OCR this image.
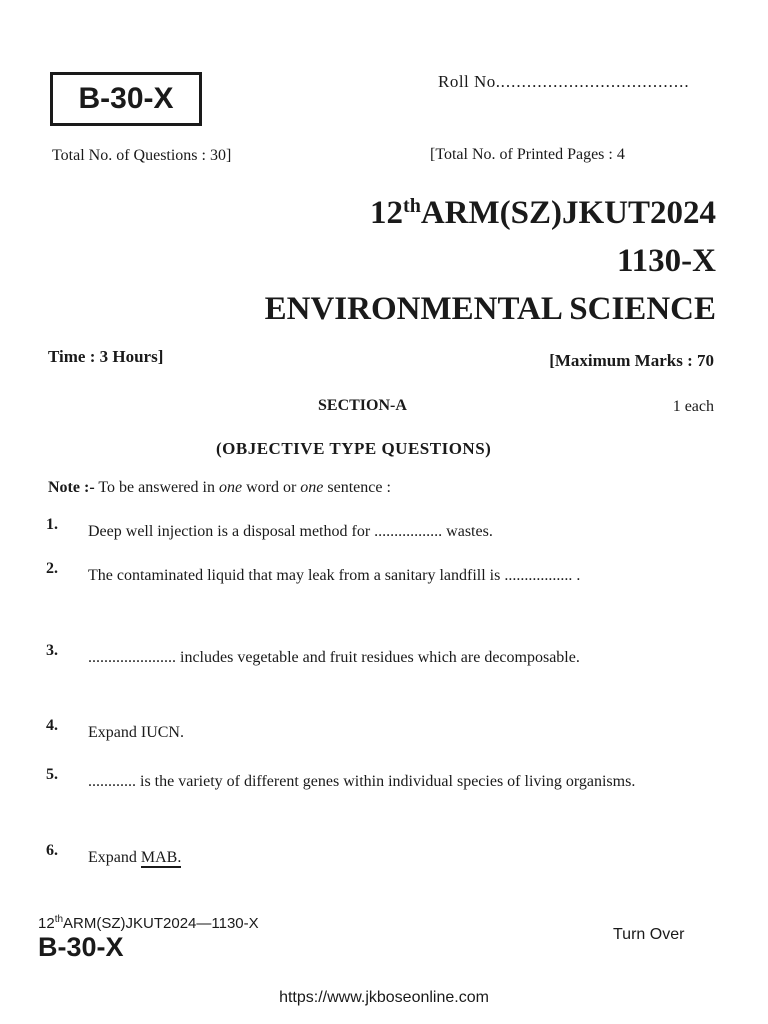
B-30-X
Roll No.....................................
Total No. of Questions : 30]	[Total No. of Printed Pages : 4
12thARM(SZ)JKUT2024
1130-X
ENVIRONMENTAL SCIENCE
Time : 3 Hours]	[Maximum Marks : 70
SECTION-A	1 each
(OBJECTIVE TYPE QUESTIONS)
Note :- To be answered in one word or one sentence :
1. Deep well injection is a disposal method for ................. wastes.
2. The contaminated liquid that may leak from a sanitary landfill is ................. .
3. ...................... includes vegetable and fruit residues which are decomposable.
4. Expand IUCN.
5. ............ is the variety of different genes within individual species of living organisms.
6. Expand MAB.
12thARM(SZ)JKUT2024—1130-X
B-30-X	Turn Over
https://www.jkboseonline.com
